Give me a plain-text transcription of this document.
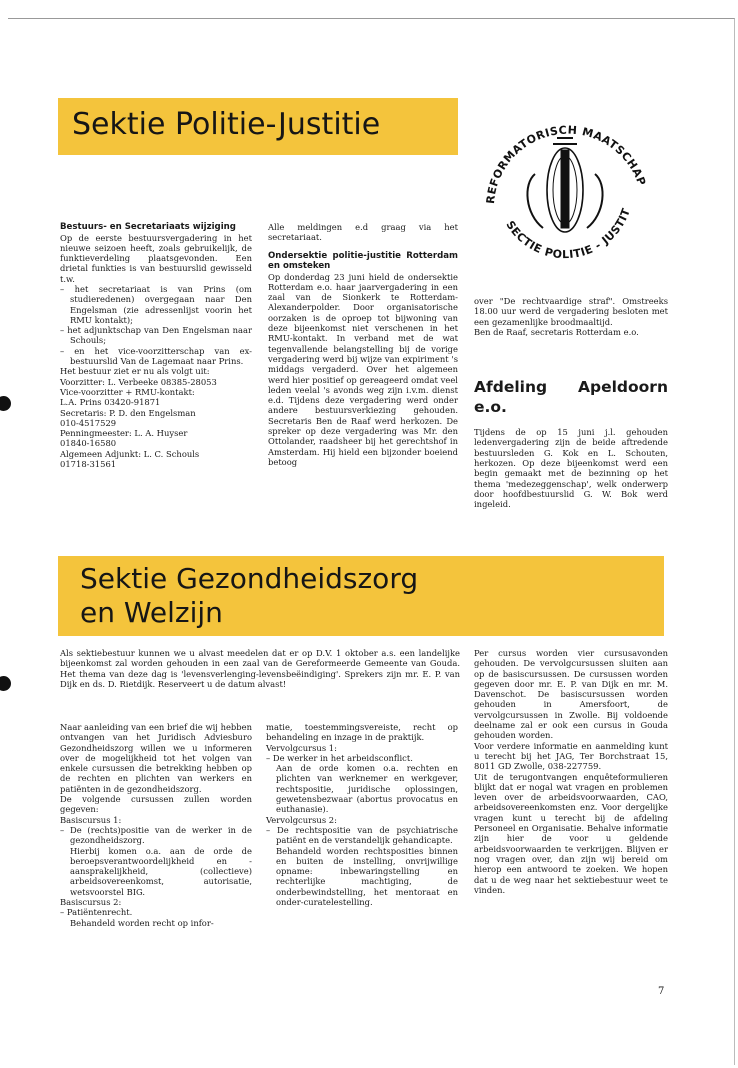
Sektie Politie-Justitie
REFORMATORISCH MAATSCHAP
SECTIE POLITIE - JUSTIT

Bestuurs- en Secretariaats wijziging

Op de eerste bestuursvergadering in het nieuwe seizoen heeft, zoals gebruikelijk, de funktieverdeling plaatsgevonden. Een drietal funkties is van bestuurslid gewisseld t.w.

– het secretariaat is van Prins (om studieredenen) overgegaan naar Den Engelsman (zie adressenlijst voorin het RMU kontakt);

– het adjunktschap van Den Engelsman naar Schouls;

– en het vice-voorzitterschap van ex-bestuurslid Van de Lagemaat naar Prins.

Het bestuur ziet er nu als volgt uit:

Voorzitter: L. Verbeeke 08385-28053

Vice-voorzitter + RMU-kontakt:

L.A. Prins 03420-91871

Secretaris: P. D. den Engelsman

010-4517529

Penningmeester: L. A. Huyser

01840-16580

Algemeen Adjunkt: L. C. Schouls

01718-31561

Alle meldingen e.d graag via het secretariaat.

Ondersektie politie-justitie Rotterdam en omsteken

Op donderdag 23 juni hield de ondersektie Rotterdam e.o. haar jaarvergadering in een zaal van de Sionkerk te Rotterdam-Alexanderpolder. Door organisatorische oorzaken is de oproep tot bijwoning van deze bijeenkomst niet verschenen in het RMU-kontakt. In verband met de wat tegenvallende belangstelling bij de vorige vergadering werd bij wijze van expiriment 's middags vergaderd. Over het algemeen werd hier positief op gereageerd omdat veel leden veelal 's avonds weg zijn i.v.m. dienst e.d. Tijdens deze vergadering werd onder andere bestuursverkiezing gehouden. Secretaris Ben de Raaf werd herkozen. De spreker op deze vergadering was Mr. den Ottolander, raadsheer bij het gerechtshof in Amsterdam. Hij hield een bijzonder boeiend betoog

over "De rechtvaardige straf". Omstreeks 18.00 uur werd de vergadering besloten met een gezamenlijke broodmaaltijd.

Ben de Raaf, secretaris Rotterdam e.o.

Afdeling Apeldoorn e.o.

Tijdens de op 15 juni j.l. gehouden ledenvergadering zijn de beide aftredende bestuursleden G. Kok en L. Schouten, herkozen. Op deze bijeenkomst werd een begin gemaakt met de bezinning op het thema 'medezeggenschap', welk onderwerp door hoofdbestuurslid G. W. Bok werd ingeleid.

Sektie Gezondheidszorg
en Welzijn

Als sektiebestuur kunnen we u alvast meedelen dat er op D.V. 1 oktober a.s. een landelijke bijeenkomst zal worden gehouden in een zaal van de Gereformeerde Gemeente van Gouda. Het thema van deze dag is 'levensverlenging-levensbeëindiging'. Sprekers zijn mr. E. P. van Dijk en ds. D. Rietdijk. Reserveert u de datum alvast!

Naar aanleiding van een brief die wij hebben ontvangen van het Juridisch Adviesburo Gezondheidszorg willen we u informeren over de mogelijkheid tot het volgen van enkele cursussen die betrekking hebben op de rechten en plichten van werkers en patiënten in de gezondheidszorg.

De volgende cursussen zullen worden gegeven:

Basiscursus 1:

– De (rechts)positie van de werker in de gezondheidszorg.

Hierbij komen o.a. aan de orde de beroepsverantwoordelijkheid en -aansprakelijkheid, (collectieve) arbeidsovereenkomst, autorisatie, wetsvoorstel BIG.

Basiscursus 2:

– Patiëntenrecht.

Behandeld worden recht op infor-

matie, toestemmingsvereiste, recht op behandeling en inzage in de praktijk.

Vervolgcursus 1:

– De werker in het arbeidsconflict.

Aan de orde komen o.a. rechten en plichten van werknemer en werkgever, rechtspositie, juridische oplossingen, gewetensbezwaar (abortus provocatus en euthanasie).

Vervolgcursus 2:

– De rechtspositie van de psychiatrische patiënt en de verstandelijk gehandicapte.

Behandeld worden rechtsposities binnen en buiten de instelling, onvrijwillige opname: inbewaringstelling en rechterlijke machtiging, de onderbewindstelling, het mentoraat en onder-curatelestelling.

Per cursus worden vier cursusavonden gehouden. De vervolgcursussen sluiten aan op de basiscursussen. De cursussen worden gegeven door mr. E. P. van Dijk en mr. M. Davenschot. De basiscursussen worden gehouden in Amersfoort, de vervolgcursussen in Zwolle. Bij voldoende deelname zal er ook een cursus in Gouda gehouden worden.

Voor verdere informatie en aanmelding kunt u terecht bij het JAG, Ter Borchstraat 15, 8011 GD Zwolle, 038-227759.

Uit de terugontvangen enquêteformulieren blijkt dat er nogal wat vragen en problemen leven over de arbeidsvoorwaarden, CAO, arbeidsovereenkomsten enz. Voor dergelijke vragen kunt u terecht bij de afdeling Personeel en Organisatie. Behalve informatie zijn hier de voor u geldende arbeidsvoorwaarden te verkrijgen. Blijven er nog vragen over, dan zijn wij bereid om hierop een antwoord te zoeken. We hopen dat u de weg naar het sektiebestuur weet te vinden.

7
